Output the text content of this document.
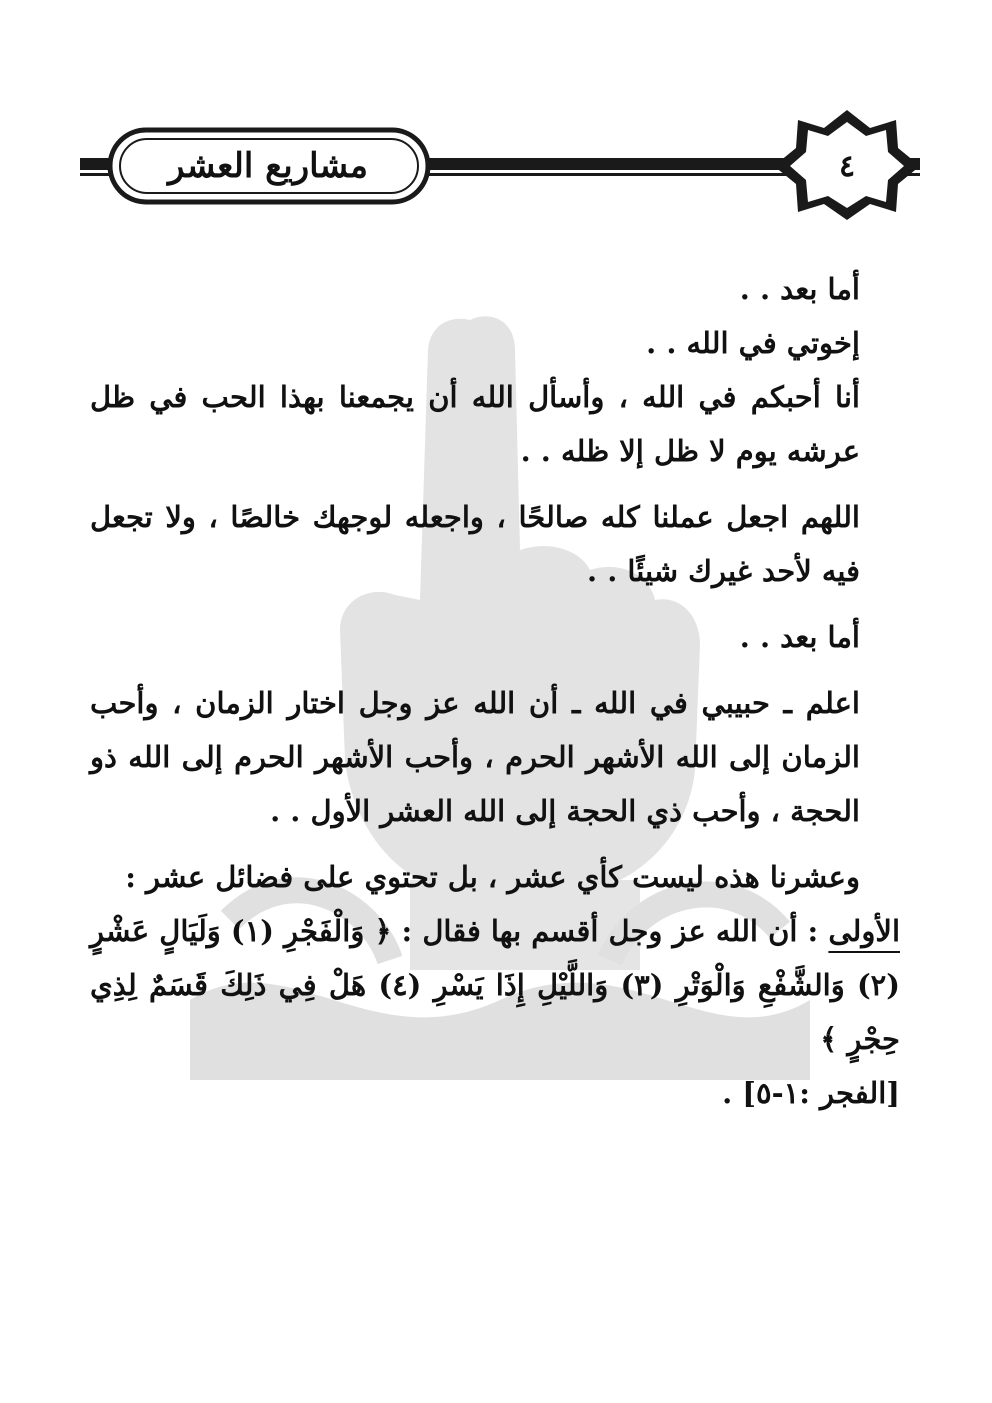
مشاريع العشر	٤

أما بعد . .

إخوتي في الله . .

أنا أحبكم في الله ، وأسأل الله أن يجمعنا بهذا الحب في ظل عرشه يوم لا ظل إلا ظله . .

اللهم اجعل عملنا كله صالحًا ، واجعله لوجهك خالصًا ، ولا تجعل فيه لأحد غيرك شيئًا . .

أما بعد . .

اعلم ـ حبيبي في الله ـ أن الله عز وجل اختار الزمان ، وأحب الزمان إلى الله الأشهر الحرم ، وأحب الأشهر الحرم إلى الله ذو الحجة ، وأحب ذي الحجة إلى الله العشر الأول . .

وعشرنا هذه ليست كأي عشر ، بل تحتوي على فضائل عشر :

الأولى : أن الله عز وجل أقسم بها فقال : ﴿ وَالْفَجْرِ (١) وَلَيَالٍ عَشْرٍ (٢) وَالشَّفْعِ وَالْوَتْرِ (٣) وَاللَّيْلِ إِذَا يَسْرِ (٤) هَلْ فِي ذَلِكَ قَسَمٌ لِذِي حِجْرٍ ﴾

[الفجر :١-٥] .
